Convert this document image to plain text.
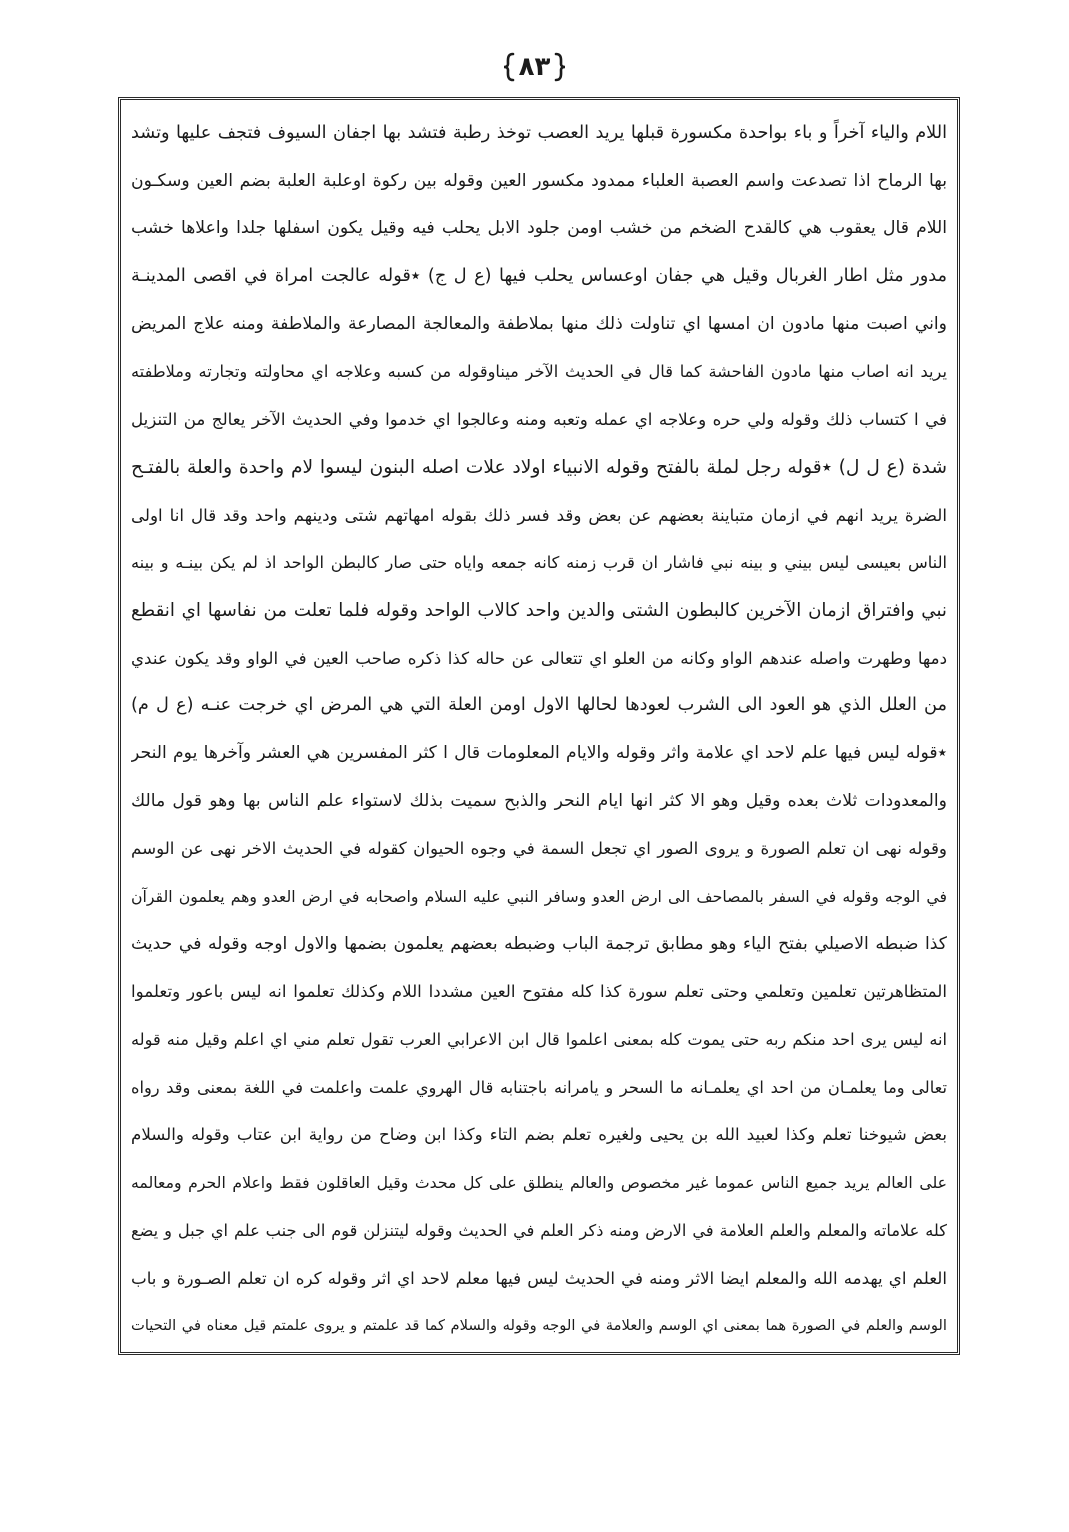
٨٣
اللام والياء آخراً و باء بواحدة مكسورة قبلها يريد العصب توخذ رطبة فتشد بها اجفان السيوف فتجف عليها وتشد
بها الرماح اذا تصدعت واسم العصبة العلباء ممدود مكسور العين وقوله بين ركوة اوعلبة العلبة بضم العين وسكـون
اللام قال يعقوب هي كالقدح الضخم من خشب اومن جلود الابل يحلب فيه وقيل يكون اسفلها جلدا واعلاها خشب
مدور مثل اطار الغربال وقيل هي جفان اوعساس يحلب فيها (ع ل ج) ٭قوله عالجت امراة في اقصى المدينـة
واني اصبت منها مادون ان امسها اي تناولت ذلك منها بملاطفة والمعالجة المصارعة والملاطفة ومنه علاج المريض
يريد انه اصاب منها مادون الفاحشة كما قال في الحديث الآخر ميناوقوله من كسبه وعلاجه اي محاولته وتجارته وملاطفته
في ا كتساب ذلك وقوله ولي حره وعلاجه اي عمله وتعبه ومنه وعالجوا اي خدموا وفي الحديث الآخر يعالج من التنزيل
شدة (ع ل ل) ٭قوله رجل لملة بالفتح وقوله الانبياء اولاد علات اصله البنون ليسوا لام واحدة والعلة بالفتـح
الضرة يريد انهم في ازمان متباينة بعضهم عن بعض وقد فسر ذلك بقوله امهاتهم شتى ودينهم واحد وقد قال انا اولى
الناس بعيسى ليس بيني و بينه نبي فاشار ان قرب زمنه كانه جمعه واياه حتى صار كالبطن الواحد اذ لم يكن بينـه و بينه
نبي وافتراق ازمان الآخرين كالبطون الشتى والدين واحد كالاب الواحد وقوله فلما تعلت من نفاسها اي انقطع
دمها وطهرت واصله عندهم الواو وكانه من العلو اي تتعالى عن حاله كذا ذكره صاحب العين في الواو وقد يكون عندي
من العلل الذي هو العود الى الشرب لعودها لحالها الاول اومن العلة التي هي المرض اي خرجت عنـه (ع ل م)
٭قوله ليس فيها علم لاحد اي علامة واثر وقوله والايام المعلومات قال ا كثر المفسرين هي العشر وآخرها يوم النحر
والمعدودات ثلاث بعده وقيل وهو الا كثر انها ايام النحر والذبح سميت بذلك لاستواء علم الناس بها وهو قول مالك
وقوله نهى ان تعلم الصورة و يروى الصور اي تجعل السمة في وجوه الحيوان كقوله في الحديث الاخر نهى عن الوسم
في الوجه وقوله في السفر بالمصاحف الى ارض العدو وسافر النبي عليه السلام واصحابه في ارض العدو وهم يعلمون القرآن
كذا ضبطه الاصيلي بفتح الياء وهو مطابق ترجمة الباب وضبطه بعضهم يعلمون بضمها والاول اوجه وقوله في حديث
المتظاهرتين تعلمين وتعلمي وحتى تعلم سورة كذا كله مفتوح العين مشددا اللام وكذلك تعلموا انه ليس باعور وتعلموا
انه ليس يرى احد منكم ربه حتى يموت كله بمعنى اعلموا قال ابن الاعرابي العرب تقول تعلم مني اي اعلم وقيل منه قوله
تعالى وما يعلمـان من احد اي يعلمـانه ما السحر و يامرانه باجتنابه قال الهروي علمت واعلمت في اللغة بمعنى وقد رواه
بعض شيوخنا تعلم وكذا لعبيد الله بن يحيى ولغيره تعلم بضم التاء وكذا ابن وضاح من رواية ابن عتاب وقوله والسلام
على العالم يريد جميع الناس عموما غير مخصوص والعالم ينطلق على كل محدث وقيل العاقلون فقط واعلام الحرم ومعالمه
كله علاماته والمعلم والعلم العلامة في الارض ومنه ذكر العلم في الحديث وقوله ليتنزلن قوم الى جنب علم اي جبل و يضع
العلم اي يهدمه الله والمعلم ايضا الاثر ومنه في الحديث ليس فيها معلم لاحد اي اثر وقوله كره ان تعلم الصـورة و باب
الوسم والعلم في الصورة هما بمعنى اي الوسم والعلامة في الوجه وقوله والسلام كما قد علمتم و يروى علمتم قيل معناه في التحيات
